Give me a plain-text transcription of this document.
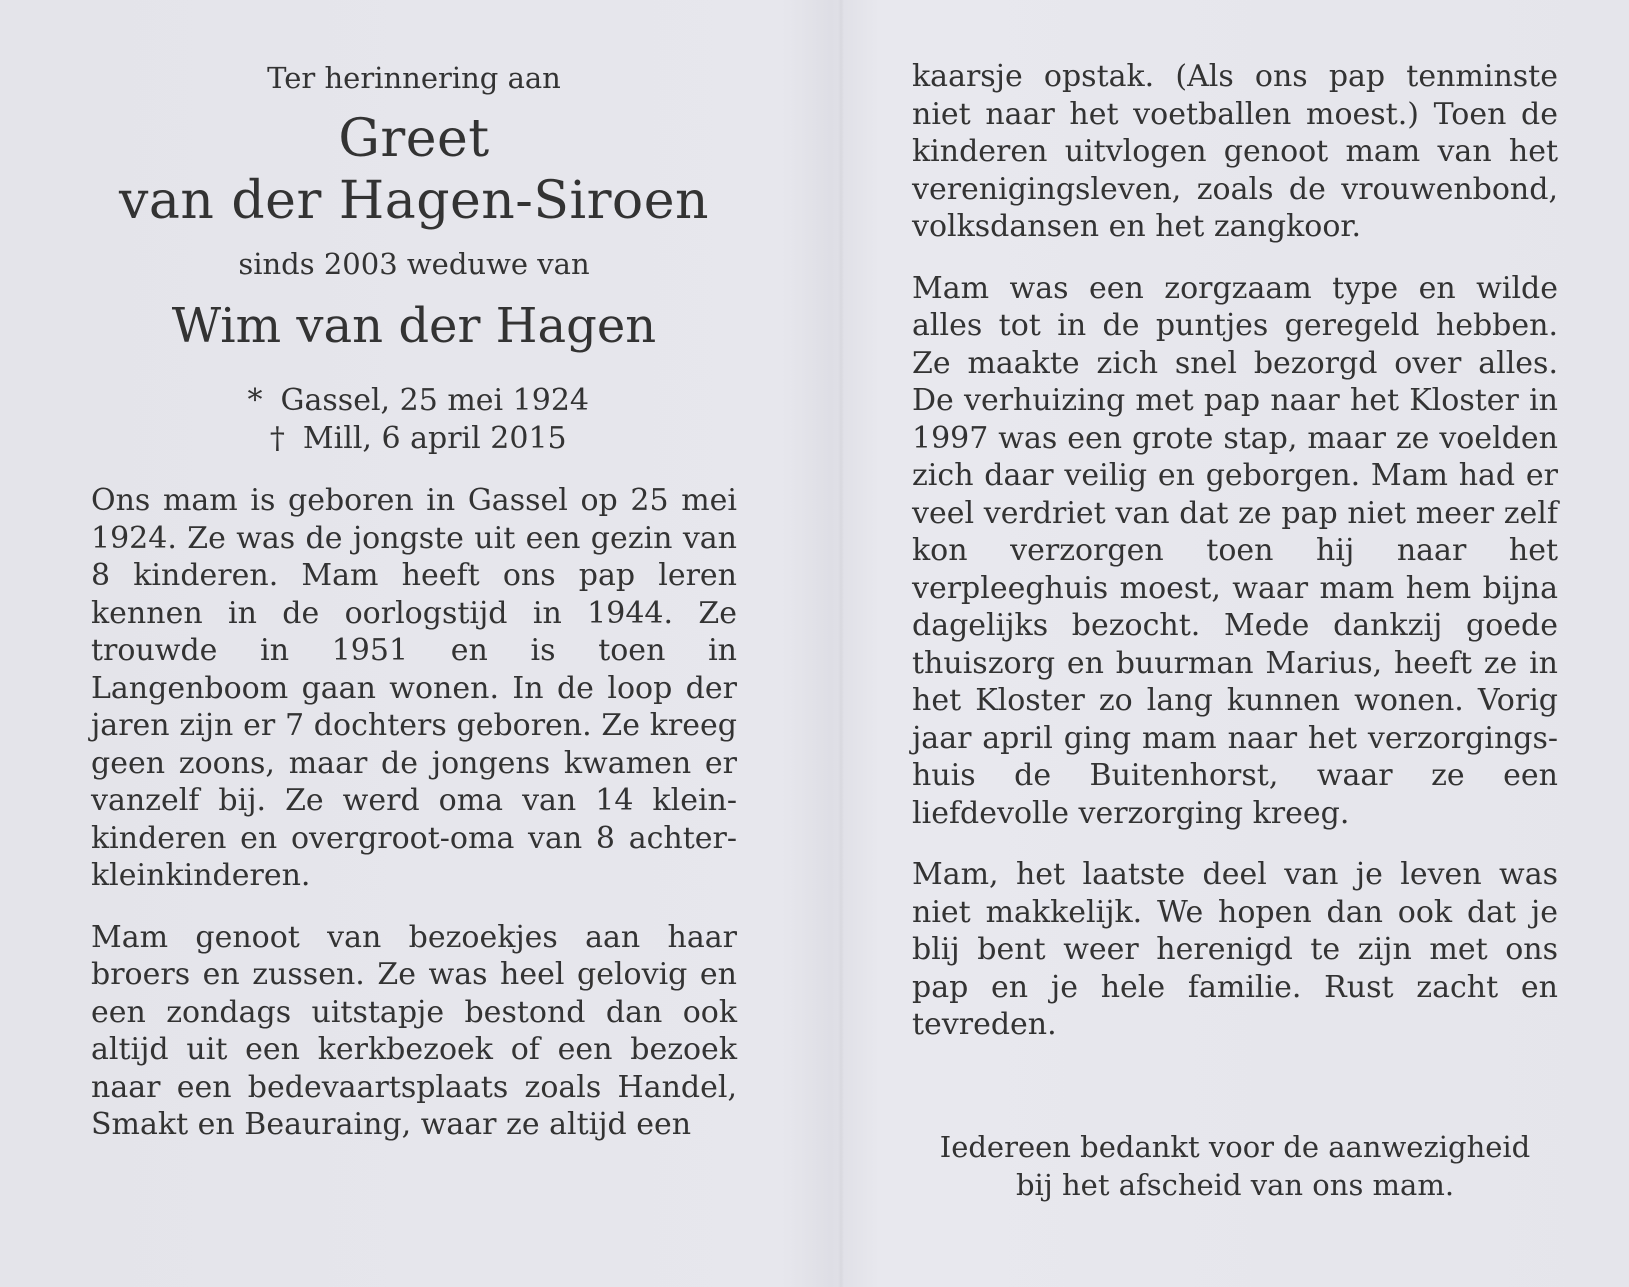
Ter herinnering aan

Greet

van der Hagen-Siroen

sinds 2003 weduwe van

Wim van der Hagen

* Gassel, 25 mei 1924
† Mill, 6 april 2015

Ons mam is geboren in Gassel op 25 mei 1924. Ze was de jongste uit een gezin van 8 kinderen. Mam heeft ons pap leren kennen in de oorlogstijd in 1944. Ze trouwde in 1951 en is toen in Langenboom gaan wonen. In de loop der jaren zijn er 7 dochters geboren. Ze kreeg geen zoons, maar de jongens kwamen er vanzelf bij. Ze werd oma van 14 klein-kinderen en overgroot-oma van 8 achter-kleinkinderen.

Mam genoot van bezoekjes aan haar broers en zussen. Ze was heel gelovig en een zondags uitstapje bestond dan ook altijd uit een kerkbezoek of een bezoek naar een bedevaartsplaats zoals Handel, Smakt en Beauraing, waar ze altijd een

kaarsje opstak. (Als ons pap tenminste niet naar het voetballen moest.) Toen de kinderen uitvlogen genoot mam van het verenigingsleven, zoals de vrouwenbond, volksdansen en het zangkoor.

Mam was een zorgzaam type en wilde alles tot in de puntjes geregeld hebben. Ze maakte zich snel bezorgd over alles. De verhuizing met pap naar het Kloster in 1997 was een grote stap, maar ze voelden zich daar veilig en geborgen. Mam had er veel verdriet van dat ze pap niet meer zelf kon verzorgen toen hij naar het verpleeghuis moest, waar mam hem bijna dagelijks bezocht. Mede dankzij goede thuiszorg en buurman Marius, heeft ze in het Kloster zo lang kunnen wonen. Vorig jaar april ging mam naar het verzorgings-huis de Buitenhorst, waar ze een liefdevolle verzorging kreeg.

Mam, het laatste deel van je leven was niet makkelijk. We hopen dan ook dat je blij bent weer herenigd te zijn met ons pap en je hele familie. Rust zacht en tevreden.

Iedereen bedankt voor de aanwezigheid
bij het afscheid van ons mam.
